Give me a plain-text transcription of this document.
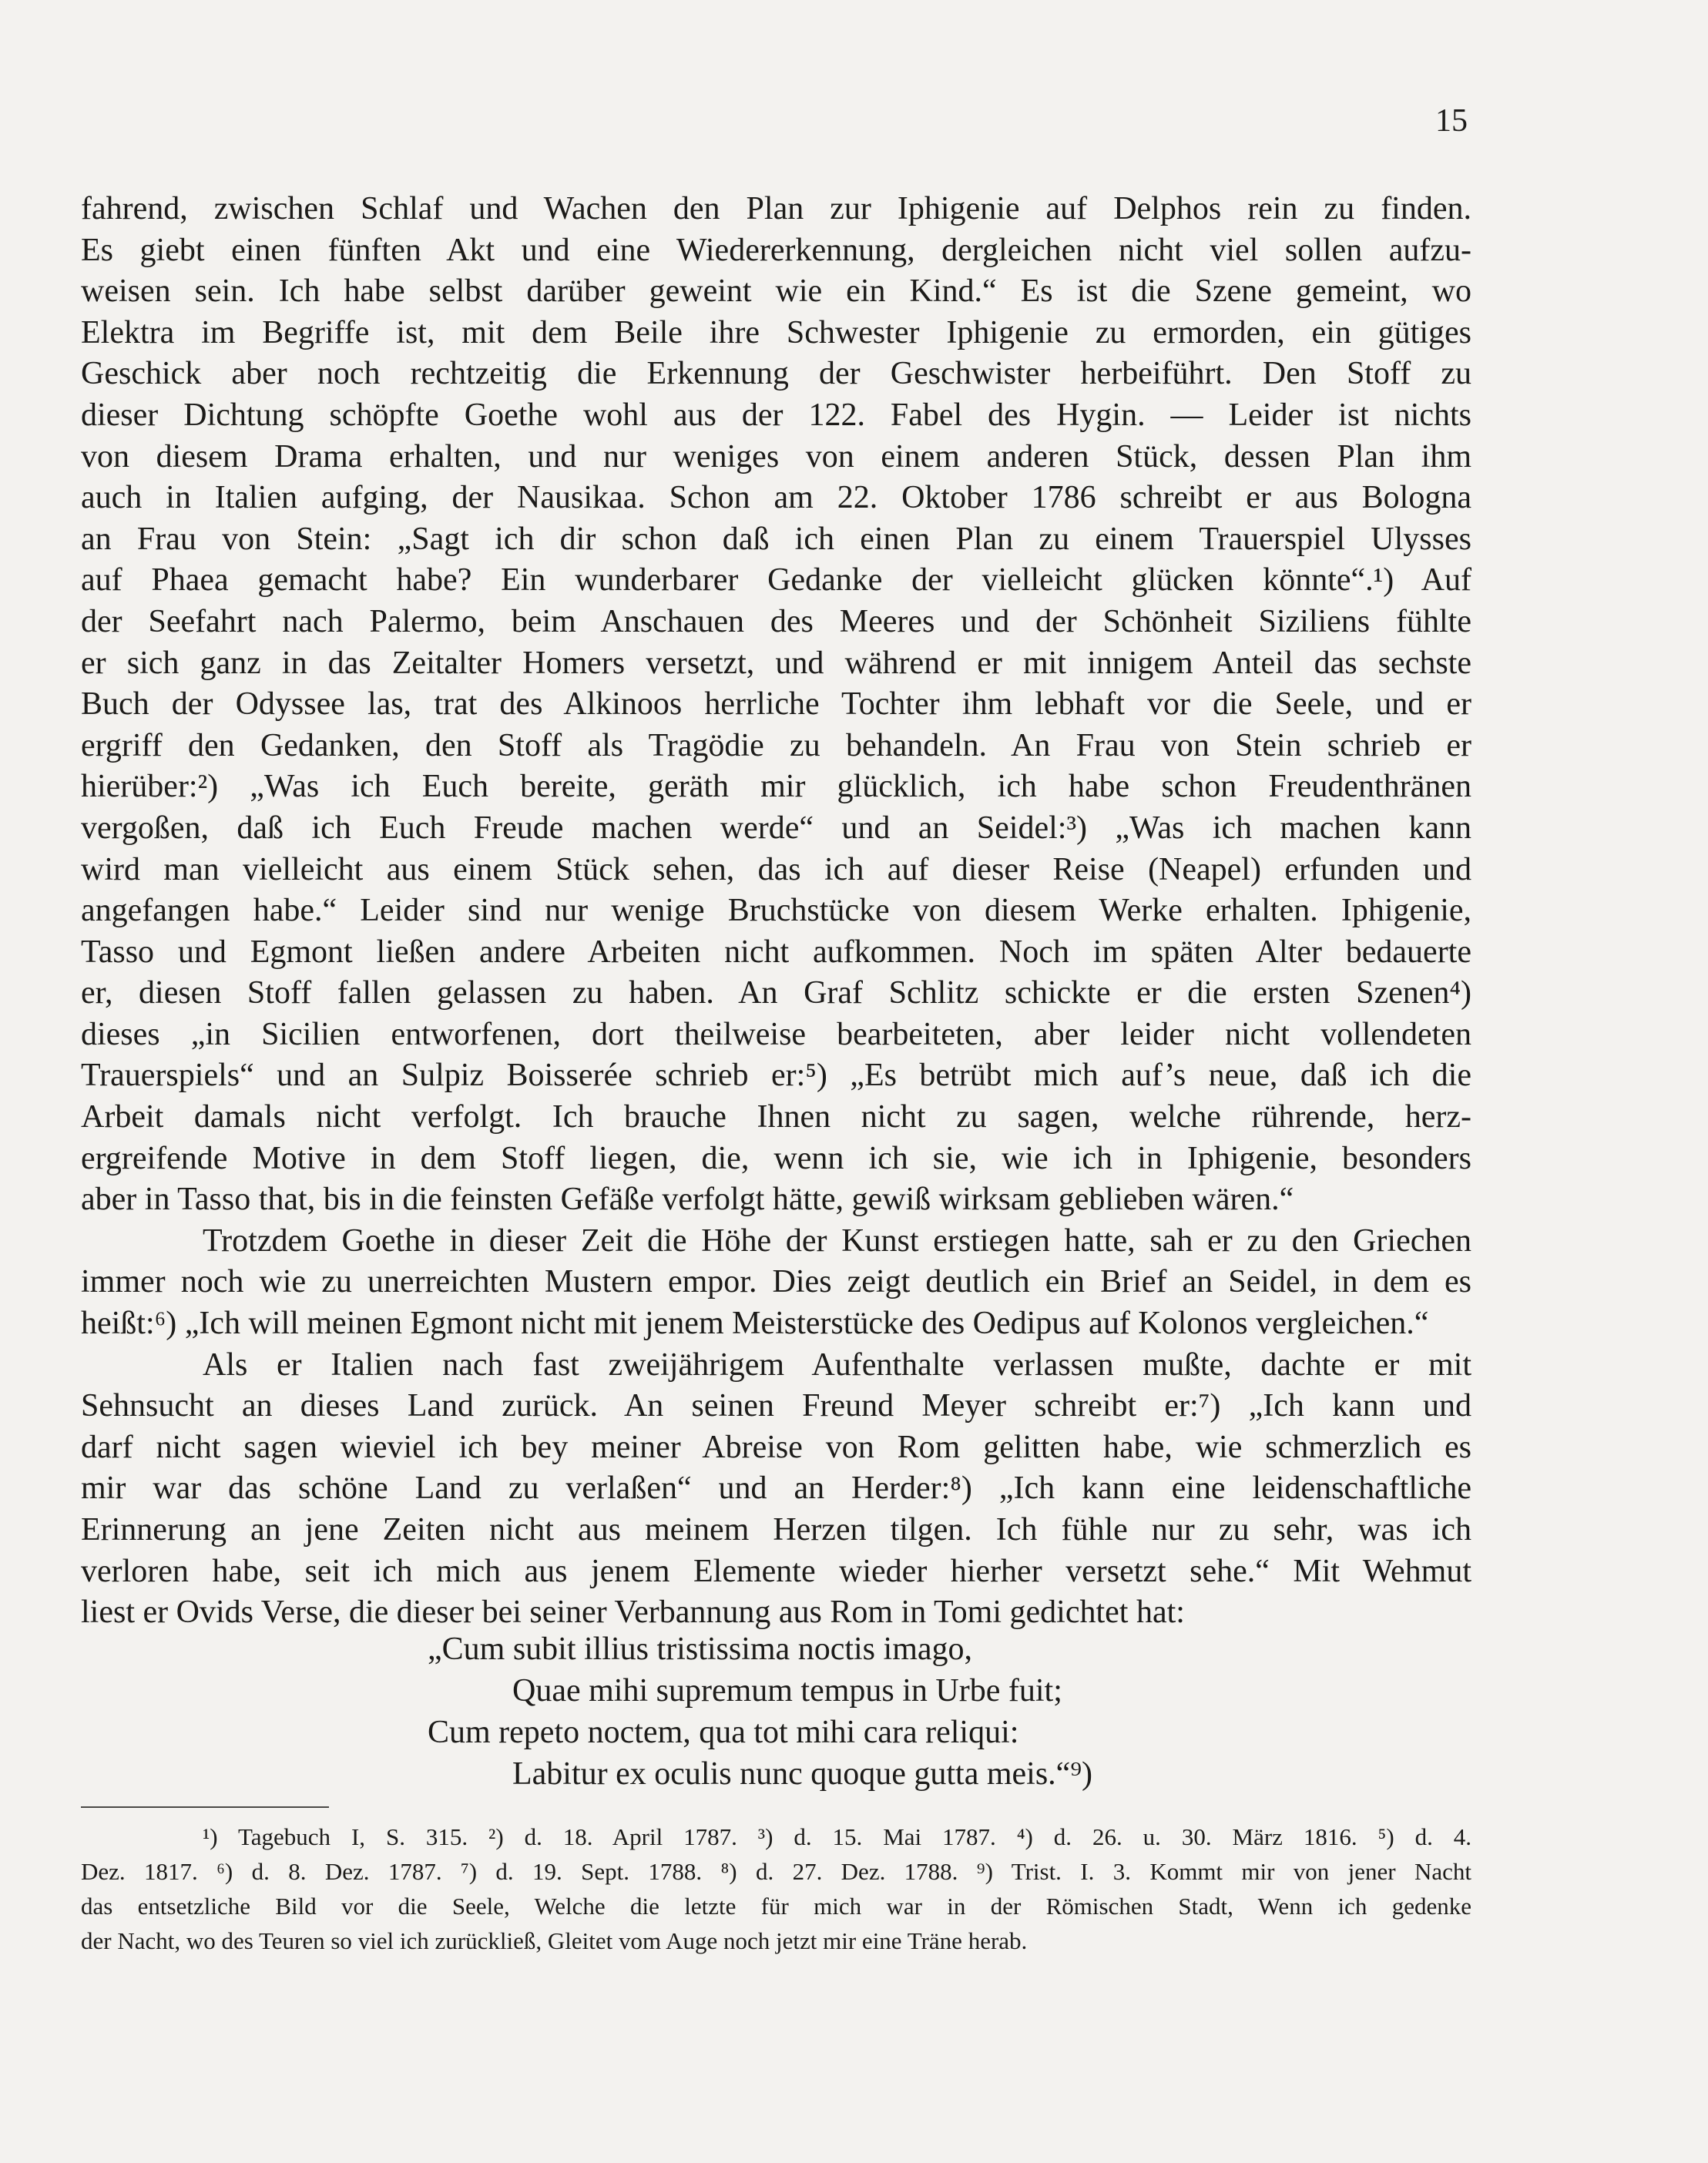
15
fahrend, zwischen Schlaf und Wachen den Plan zur Iphigenie auf Delphos rein zu finden.
Es giebt einen fünften Akt und eine Wiedererkennung, dergleichen nicht viel sollen aufzu-
weisen sein. Ich habe selbst darüber geweint wie ein Kind.“ Es ist die Szene gemeint, wo
Elektra im Begriffe ist, mit dem Beile ihre Schwester Iphigenie zu ermorden, ein gütiges
Geschick aber noch rechtzeitig die Erkennung der Geschwister herbeiführt. Den Stoff zu
dieser Dichtung schöpfte Goethe wohl aus der 122. Fabel des Hygin. — Leider ist nichts
von diesem Drama erhalten, und nur weniges von einem anderen Stück, dessen Plan ihm
auch in Italien aufging, der Nausikaa. Schon am 22. Oktober 1786 schreibt er aus Bologna
an Frau von Stein: „Sagt ich dir schon daß ich einen Plan zu einem Trauerspiel Ulysses
auf Phaea gemacht habe? Ein wunderbarer Gedanke der vielleicht glücken könnte“.¹) Auf
der Seefahrt nach Palermo, beim Anschauen des Meeres und der Schönheit Siziliens fühlte
er sich ganz in das Zeitalter Homers versetzt, und während er mit innigem Anteil das sechste
Buch der Odyssee las, trat des Alkinoos herrliche Tochter ihm lebhaft vor die Seele, und er
ergriff den Gedanken, den Stoff als Tragödie zu behandeln. An Frau von Stein schrieb er
hierüber:²) „Was ich Euch bereite, geräth mir glücklich, ich habe schon Freudenthränen
vergoßen, daß ich Euch Freude machen werde“ und an Seidel:³) „Was ich machen kann
wird man vielleicht aus einem Stück sehen, das ich auf dieser Reise (Neapel) erfunden und
angefangen habe.“ Leider sind nur wenige Bruchstücke von diesem Werke erhalten. Iphigenie,
Tasso und Egmont ließen andere Arbeiten nicht aufkommen. Noch im späten Alter bedauerte
er, diesen Stoff fallen gelassen zu haben. An Graf Schlitz schickte er die ersten Szenen⁴)
dieses „in Sicilien entworfenen, dort theilweise bearbeiteten, aber leider nicht vollendeten
Trauerspiels“ und an Sulpiz Boisserée schrieb er:⁵) „Es betrübt mich auf’s neue, daß ich die
Arbeit damals nicht verfolgt. Ich brauche Ihnen nicht zu sagen, welche rührende, herz-
ergreifende Motive in dem Stoff liegen, die, wenn ich sie, wie ich in Iphigenie, besonders
aber in Tasso that, bis in die feinsten Gefäße verfolgt hätte, gewiß wirksam geblieben wären.“
Trotzdem Goethe in dieser Zeit die Höhe der Kunst erstiegen hatte, sah er zu den Griechen
immer noch wie zu unerreichten Mustern empor. Dies zeigt deutlich ein Brief an Seidel, in dem es
heißt:⁶) „Ich will meinen Egmont nicht mit jenem Meisterstücke des Oedipus auf Kolonos vergleichen.“
Als er Italien nach fast zweijährigem Aufenthalte verlassen mußte, dachte er mit
Sehnsucht an dieses Land zurück. An seinen Freund Meyer schreibt er:⁷) „Ich kann und
darf nicht sagen wieviel ich bey meiner Abreise von Rom gelitten habe, wie schmerzlich es
mir war das schöne Land zu verlaßen“ und an Herder:⁸) „Ich kann eine leidenschaftliche
Erinnerung an jene Zeiten nicht aus meinem Herzen tilgen. Ich fühle nur zu sehr, was ich
verloren habe, seit ich mich aus jenem Elemente wieder hierher versetzt sehe.“ Mit Wehmut
liest er Ovids Verse, die dieser bei seiner Verbannung aus Rom in Tomi gedichtet hat:
„Cum subit illius tristissima noctis imago,
Quae mihi supremum tempus in Urbe fuit;
Cum repeto noctem, qua tot mihi cara reliqui:
Labitur ex oculis nunc quoque gutta meis.“⁹)
¹) Tagebuch I, S. 315. ²) d. 18. April 1787. ³) d. 15. Mai 1787. ⁴) d. 26. u. 30. März 1816. ⁵) d. 4.
Dez. 1817. ⁶) d. 8. Dez. 1787. ⁷) d. 19. Sept. 1788. ⁸) d. 27. Dez. 1788. ⁹) Trist. I. 3. Kommt mir von jener Nacht
das entsetzliche Bild vor die Seele, Welche die letzte für mich war in der Römischen Stadt, Wenn ich gedenke
der Nacht, wo des Teuren so viel ich zurückließ, Gleitet vom Auge noch jetzt mir eine Träne herab.
